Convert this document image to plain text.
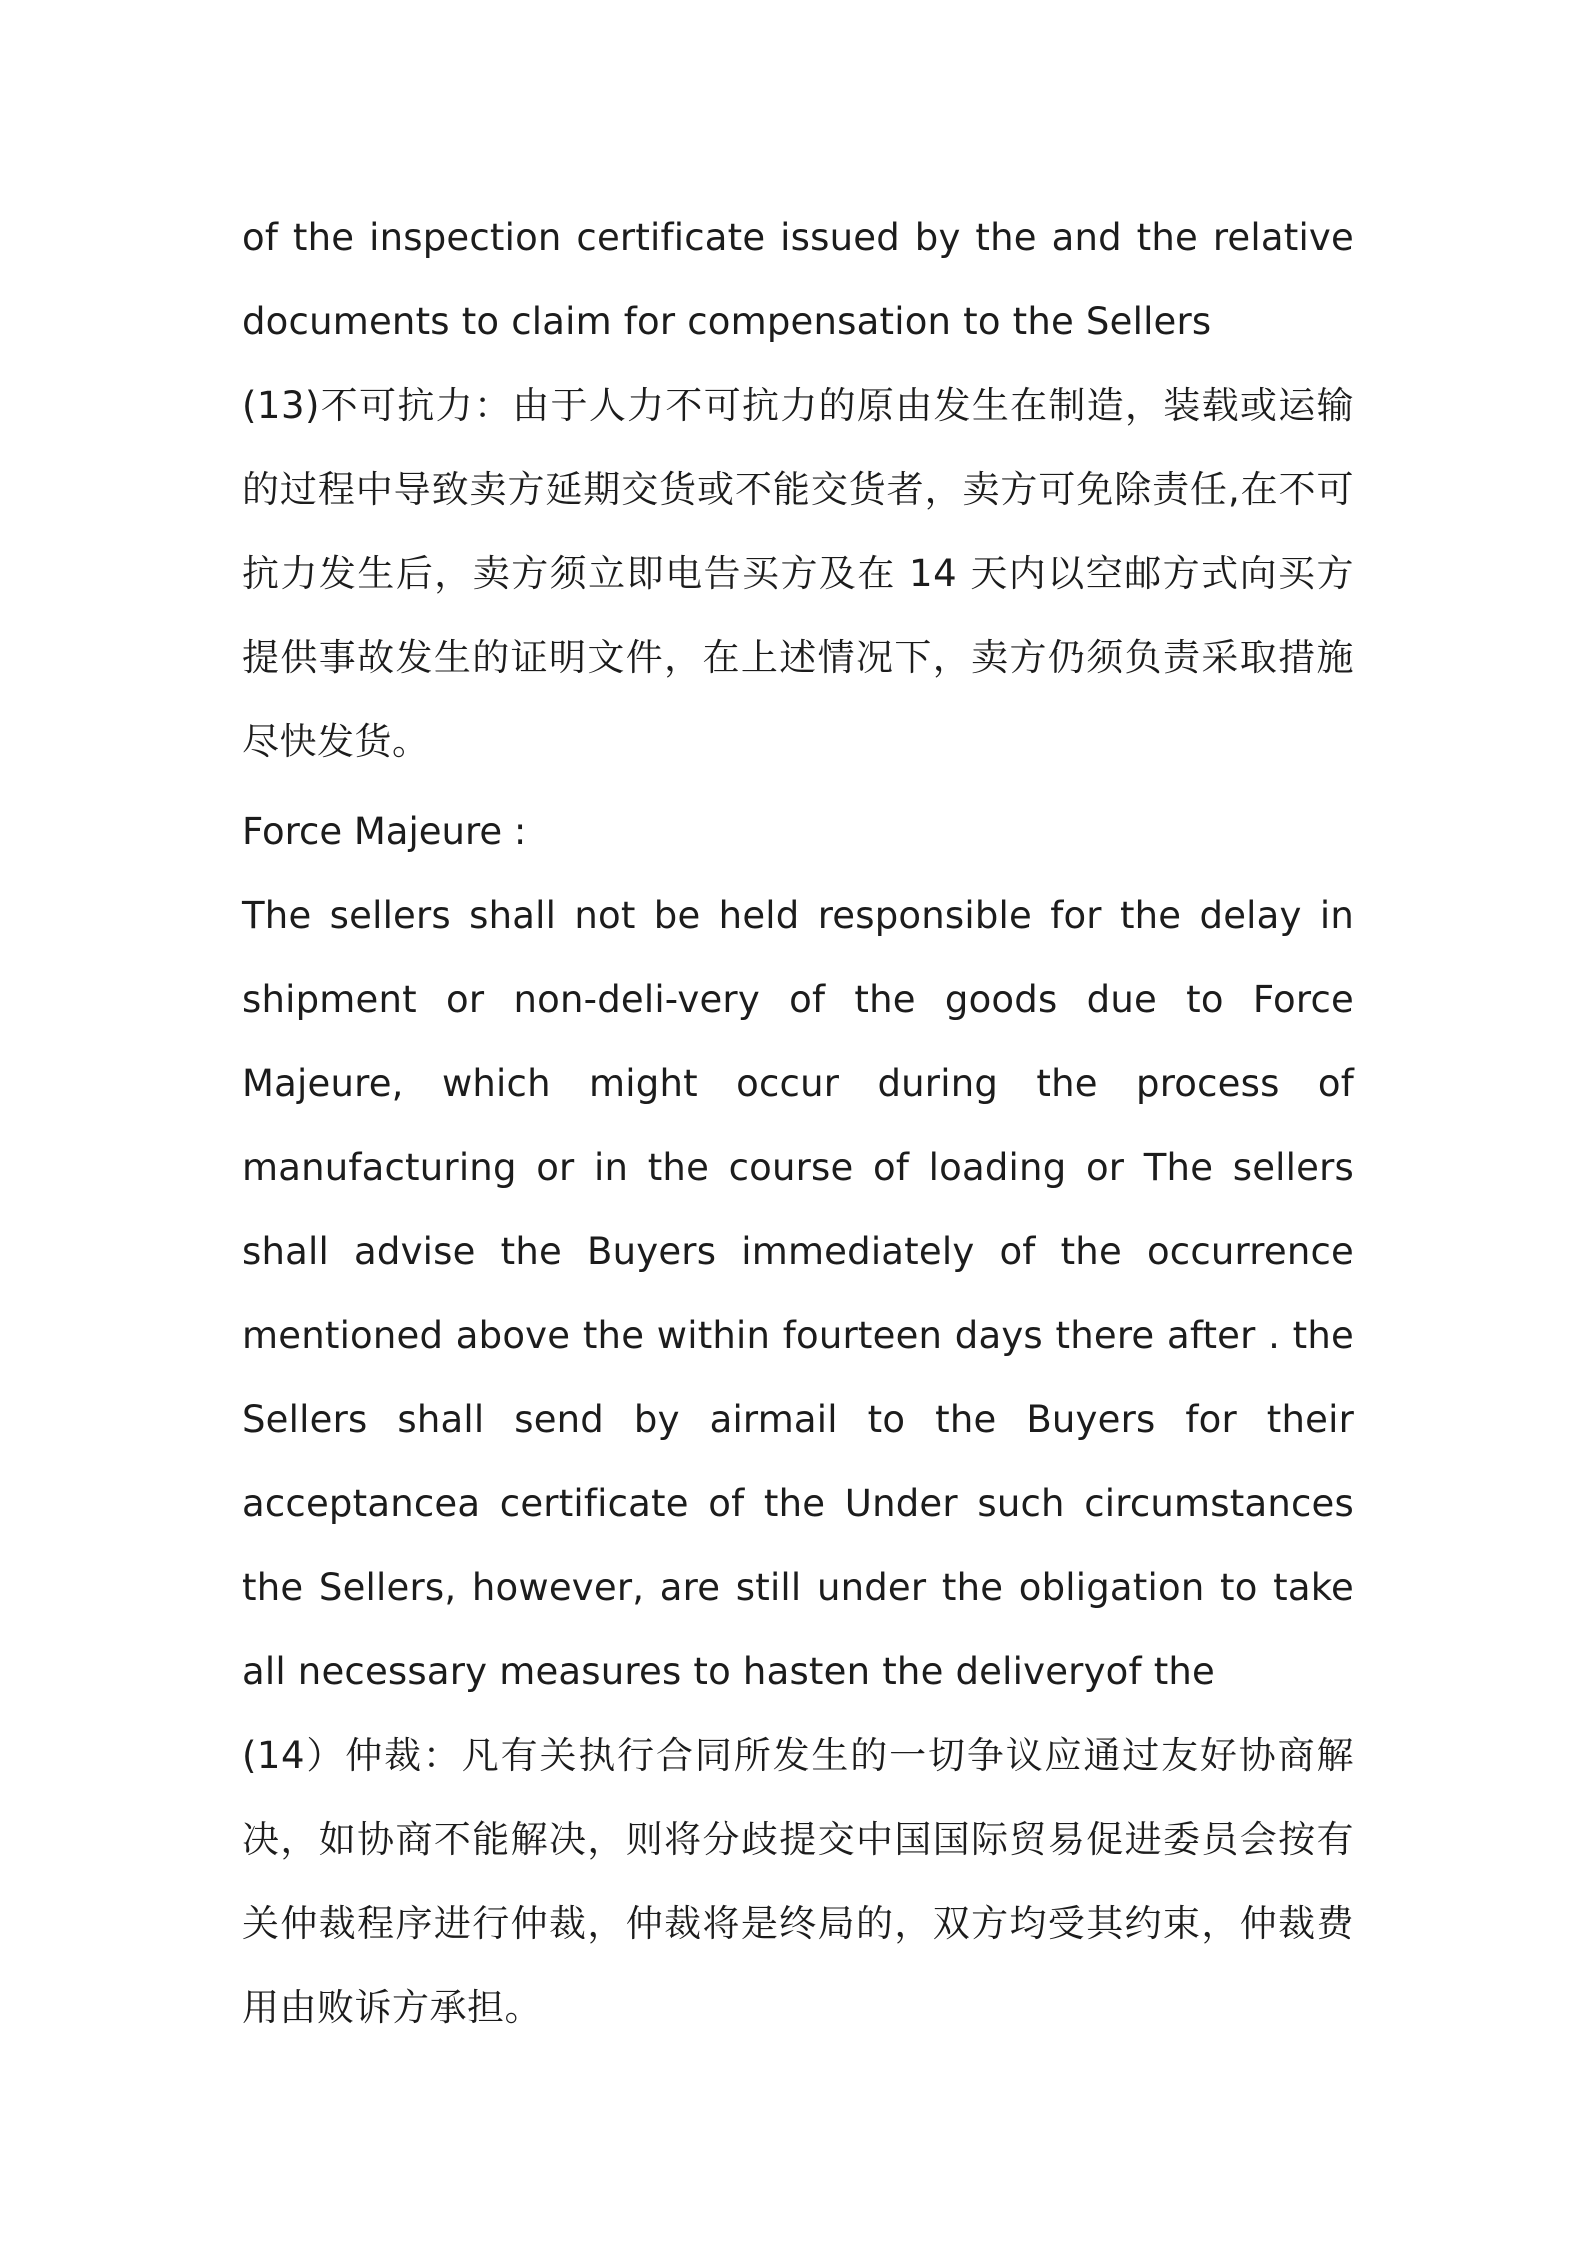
of the inspection certificate issued by the and the relative documents to claim for compensation to the Sellers

(13)不可抗力：由于人力不可抗力的原由发生在制造，装载或运输的过程中导致卖方延期交货或不能交货者，卖方可免除责任,在不可抗力发生后，卖方须立即电告买方及在 14 天内以空邮方式向买方提供事故发生的证明文件，在上述情况下，卖方仍须负责采取措施尽快发货。

Force Majeure :

The sellers shall not be held responsible for the delay in shipment or non-deli-very of the goods due to Force Majeure, which might occur during the process of manufacturing or in the course of loading or The sellers shall advise the Buyers immediately of the occurrence mentioned above the within fourteen days there after . the Sellers shall send by airmail to the Buyers for their acceptancea certificate of the Under such circumstances the Sellers, however, are still under the obligation to take all necessary measures to hasten the deliveryof the

(14）仲裁：凡有关执行合同所发生的一切争议应通过友好协商解决，如协商不能解决，则将分歧提交中国国际贸易促进委员会按有关仲裁程序进行仲裁，仲裁将是终局的，双方均受其约束，仲裁费用由败诉方承担。
